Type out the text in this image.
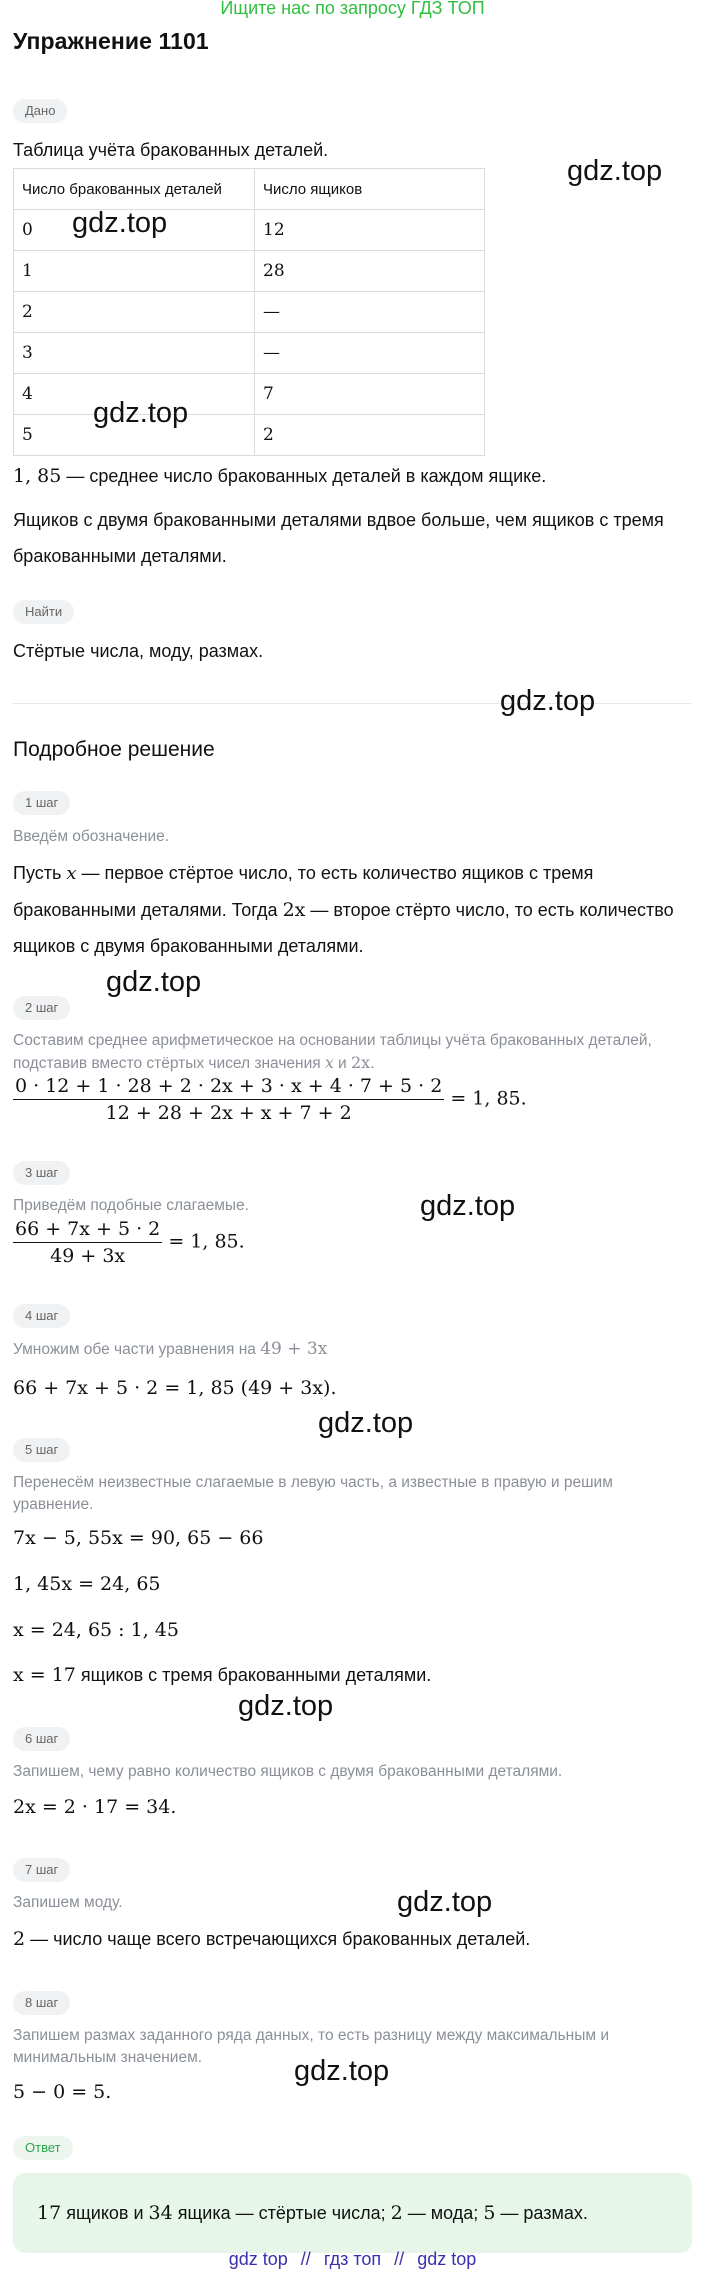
Ищите нас по запросу ГДЗ ТОП
Упражнение 1101
Дано
Таблица учёта бракованных деталей.
Число бракованных деталей	Число ящиков
0	12
1	28
2	—
3	—
4	7
5	2
1, 85 — среднее число бракованных деталей в каждом ящике.
Ящиков с двумя бракованными деталями вдвое больше, чем ящиков с тремя бракованными деталями.
Найти
Стёртые числа, моду, размах.
Подробное решение
1 шаг
Введём обозначение.
Пусть x — первое стёртое число, то есть количество ящиков с тремя
бракованными деталями. Тогда 2x — второе стёрто число, то есть количество
ящиков с двумя бракованными деталями.
2 шаг
Составим среднее арифметическое на основании таблицы учёта бракованных деталей,
подставив вместо стёртых чисел значения x и 2x.
$\frac{0 \cdot 12 + 1 \cdot 28 + 2 \cdot 2x + 3 \cdot x + 4 \cdot 7 + 5 \cdot 2}{12 + 28 + 2x + x + 7 + 2} = 1$, 85.
3 шаг
Приведём подобные слагаемые.
$\frac{66 + 7x + 5 \cdot 2}{49 + 3x} = 1$, 85.
4 шаг
Умножим обе части уравнения на 49 + 3x
66 + 7x + 5 · 2 = 1, 85 (49 + 3x).
5 шаг
Перенесём неизвестные слагаемые в левую часть, а известные в правую и решим
уравнение.
7x − 5, 55x = 90, 65 − 66
1, 45x = 24, 65
x = 24, 65 : 1, 45
x = 17 ящиков с тремя бракованными деталями.
6 шаг
Запишем, чему равно количество ящиков с двумя бракованными деталями.
2x = 2 · 17 = 34.
7 шаг
Запишем моду.
2 — число чаще всего встречающихся бракованных деталей.
8 шаг
Запишем размах заданного ряда данных, то есть разницу между максимальным и
минимальным значением.
5 − 0 = 5.
Ответ
17 ящиков и 34 ящика — стёртые числа; 2 — мода; 5 — размах.
gdz top // гдз топ // gdz top
gdz.top
gdz.top
gdz.top
gdz.top
gdz.top
gdz.top
gdz.top
gdz.top
gdz.top
gdz.top
